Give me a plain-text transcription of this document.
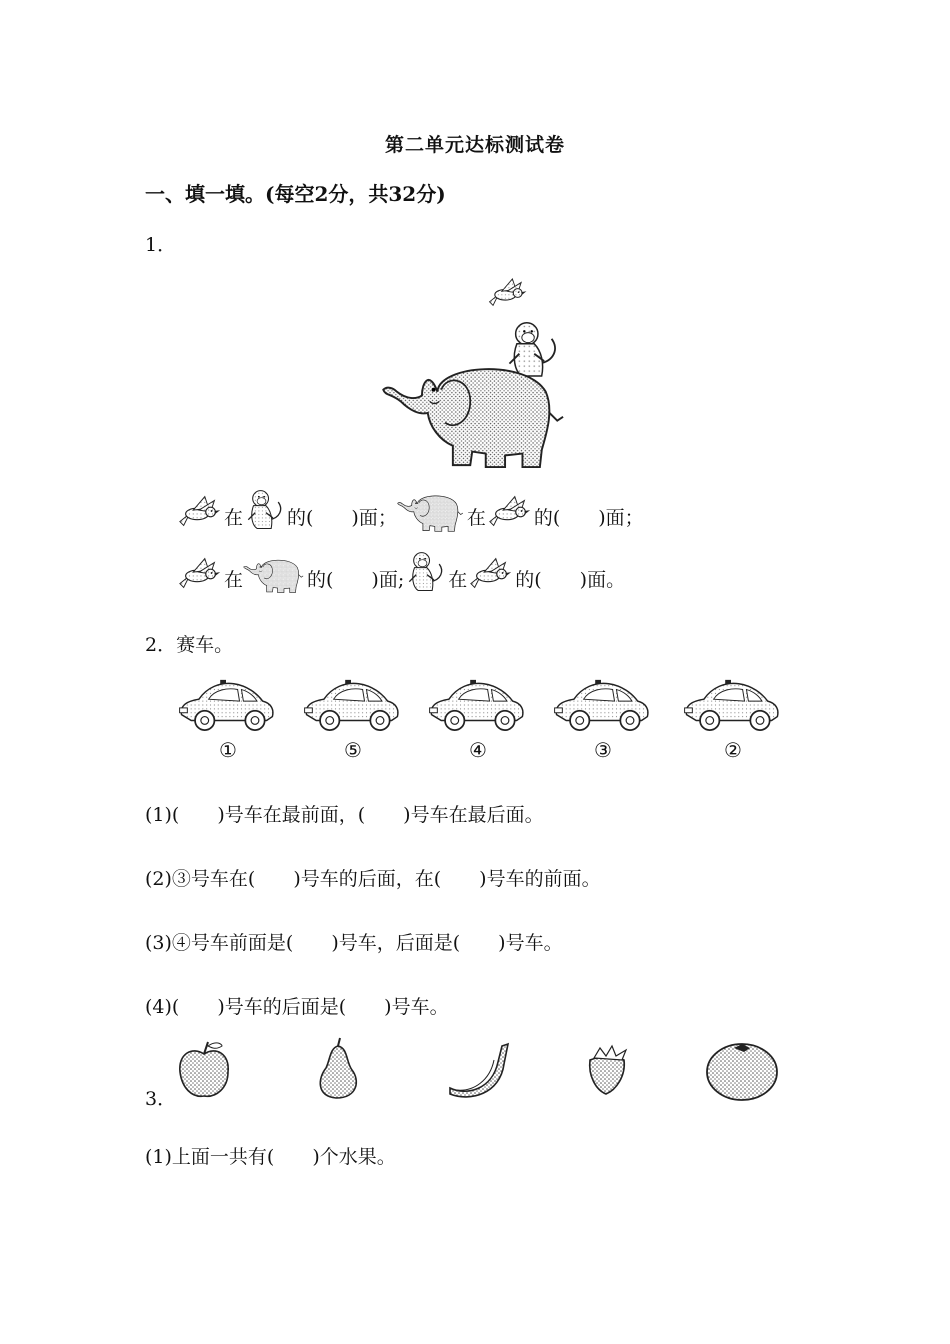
第二单元达标测试卷
一、填一填。(每空2分，共32分)
1．
在 的(　　)面；	在	的(　　)面；
在	的(　　)面; 在	的(　　)面。
2．赛车。
①	⑤	④	③	②
(1)(　　)号车在最前面，(　　)号车在最后面。
(2)③号车在(　　)号车的后面，在(　　)号车的前面。
(3)④号车前面是(　　)号车，后面是(　　)号车。
(4)(　　)号车的后面是(　　)号车。
3．
(1)上面一共有(　　)个水果。
